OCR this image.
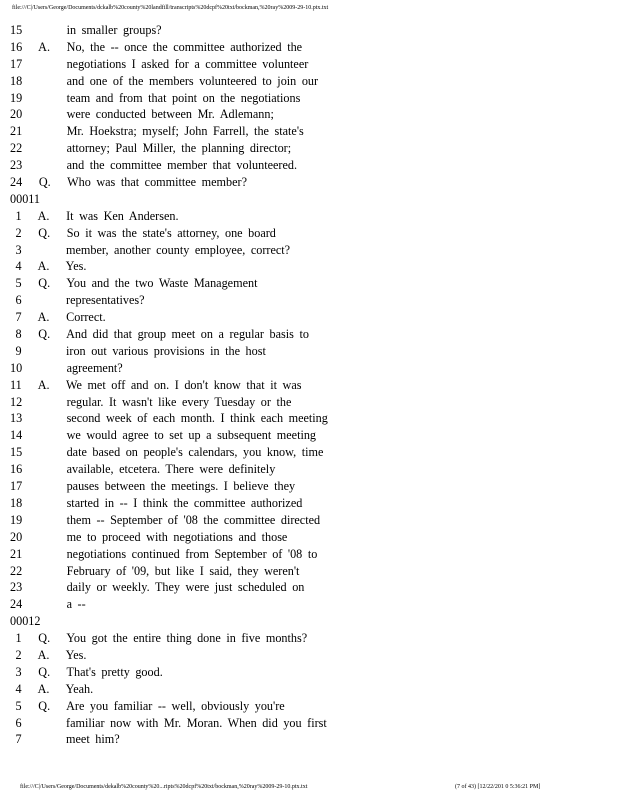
file:///C|/Users/George/Documents/dckalb%20county%20landfill/transcripts%20dcpf%20txt/bockman,%20ray%2009-29-10.ptx.txt
15        in smaller groups?
16   A.   No, the -- once the committee authorized the
17        negotiations I asked for a committee volunteer
18        and one of the members volunteered to join our
19        team and from that point on the negotiations
20        were conducted between Mr. Adlemann;
21        Mr. Hoekstra; myself; John Farrell, the state's
22        attorney; Paul Miller, the planning director;
23        and the committee member that volunteered.
24   Q.   Who was that committee member?
00011
1   A.   It was Ken Andersen.
2   Q.   So it was the state's attorney, one board
3        member, another county employee, correct?
4   A.   Yes.
5   Q.   You and the two Waste Management
6        representatives?
7   A.   Correct.
8   Q.   And did that group meet on a regular basis to
9        iron out various provisions in the host
10        agreement?
11   A.   We met off and on. I don't know that it was
12        regular. It wasn't like every Tuesday or the
13        second week of each month. I think each meeting
14        we would agree to set up a subsequent meeting
15        date based on people's calendars, you know, time
16        available, etcetera. There were definitely
17        pauses between the meetings. I believe they
18        started in -- I think the committee authorized
19        them -- September of '08 the committee directed
20        me to proceed with negotiations and those
21        negotiations continued from September of '08 to
22        February of '09, but like I said, they weren't
23        daily or weekly. They were just scheduled on
24        a --
00012
1   Q.   You got the entire thing done in five months?
2   A.   Yes.
3   Q.   That's pretty good.
4   A.   Yeah.
5   Q.   Are you familiar -- well, obviously you're
6        familiar now with Mr. Moran. When did you first
7        meet him?
file:///C|/Users/George/Documents/dekalb%20county%20...ripts%20dcpf%20txt/bockman,%20ray%2009-29-10.ptx.txt	(7 of 43) [12/22/201 0 5:36:21 PM]
